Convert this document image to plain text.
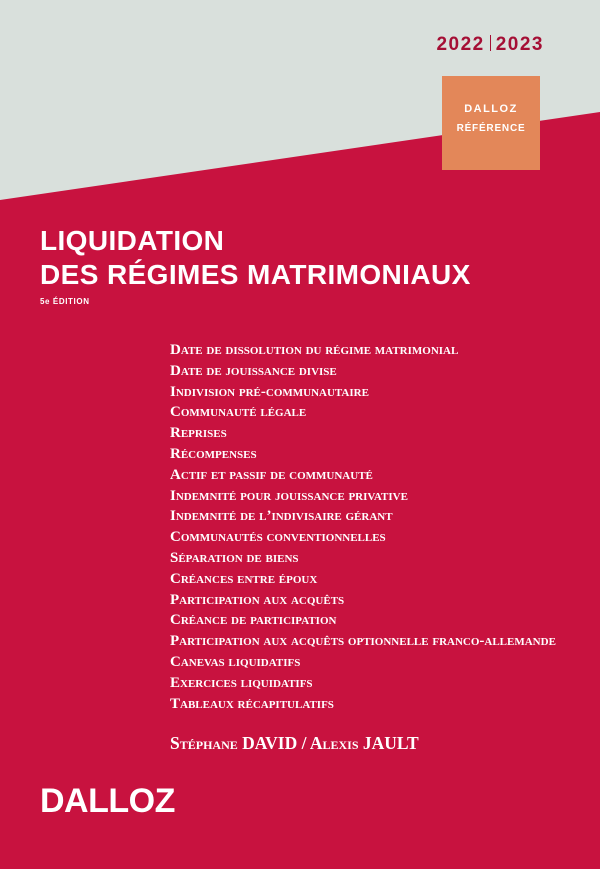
2022 2023
DALLOZ
RÉFÉRENCE
LIQUIDATION
DES RÉGIMES MATRIMONIAUX
5e ÉDITION
Date de dissolution du régime matrimonial
Date de jouissance divise
Indivision pré-communautaire
Communauté légale
Reprises
Récompenses
Actif et passif de communauté
Indemnité pour jouissance privative
Indemnité de l’indivisaire gérant
Communautés conventionnelles
Séparation de biens
Créances entre époux
Participation aux acquêts
Créance de participation
Participation aux acquêts optionnelle franco-allemande
Canevas liquidatifs
Exercices liquidatifs
Tableaux récapitulatifs
Stéphane DAVID / Alexis JAULT
DALLOZ
